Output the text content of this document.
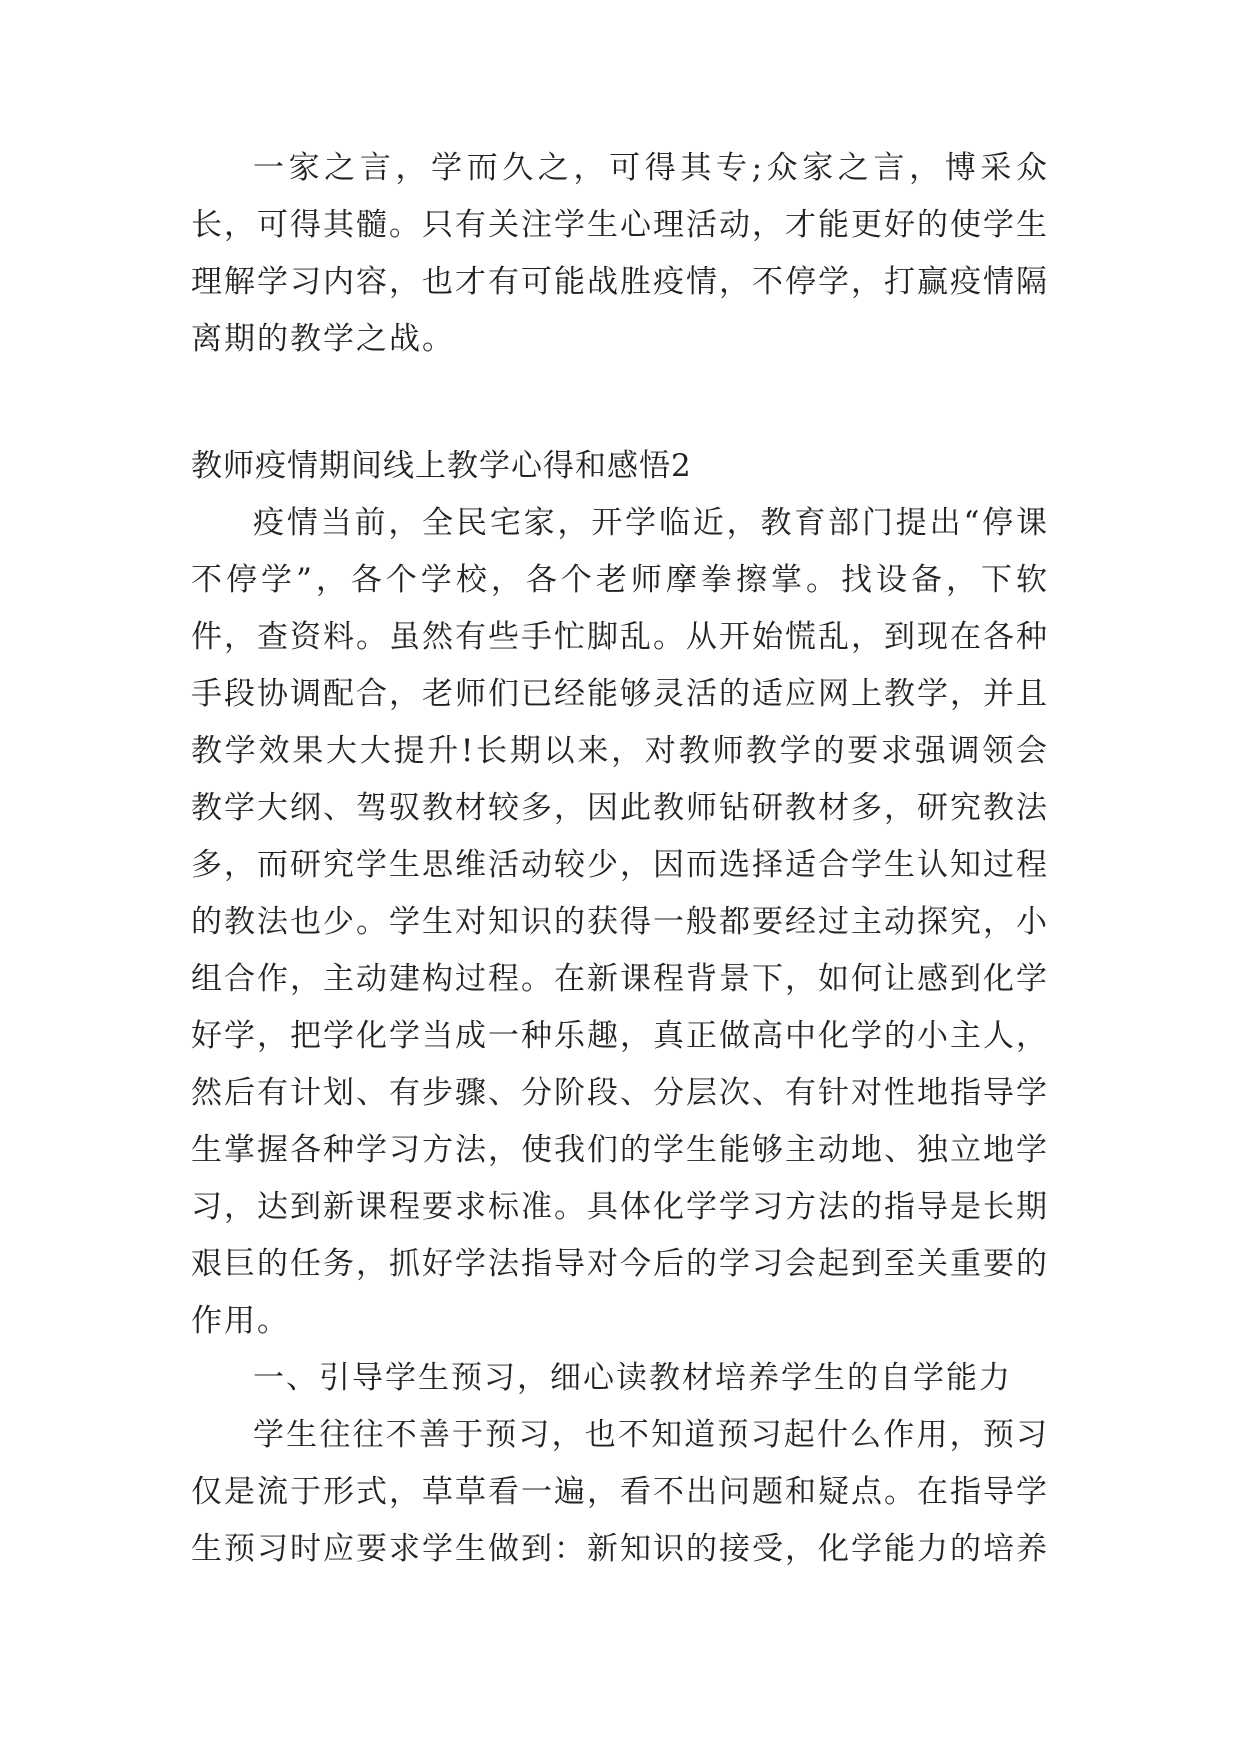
一家之言，学而久之，可得其专;众家之言，博采众长，可得其髓。只有关注学生心理活动，才能更好的使学生理解学习内容，也才有可能战胜疫情，不停学，打赢疫情隔离期的教学之战。

教师疫情期间线上教学心得和感悟2

疫情当前，全民宅家，开学临近，教育部门提出“停课不停学”，各个学校，各个老师摩拳擦掌。找设备，下软件，查资料。虽然有些手忙脚乱。从开始慌乱，到现在各种手段协调配合，老师们已经能够灵活的适应网上教学，并且教学效果大大提升!长期以来，对教师教学的要求强调领会教学大纲、驾驭教材较多，因此教师钻研教材多，研究教法多，而研究学生思维活动较少，因而选择适合学生认知过程的教法也少。学生对知识的获得一般都要经过主动探究，小组合作，主动建构过程。在新课程背景下，如何让感到化学好学，把学化学当成一种乐趣，真正做高中化学的小主人，然后有计划、有步骤、分阶段、分层次、有针对性地指导学生掌握各种学习方法，使我们的学生能够主动地、独立地学习，达到新课程要求标准。具体化学学习方法的指导是长期艰巨的任务，抓好学法指导对今后的学习会起到至关重要的作用。

一、引导学生预习，细心读教材培养学生的自学能力

学生往往不善于预习，也不知道预习起什么作用，预习仅是流于形式，草草看一遍，看不出问题和疑点。在指导学生预习时应要求学生做到：新知识的接受，化学能力的培养
